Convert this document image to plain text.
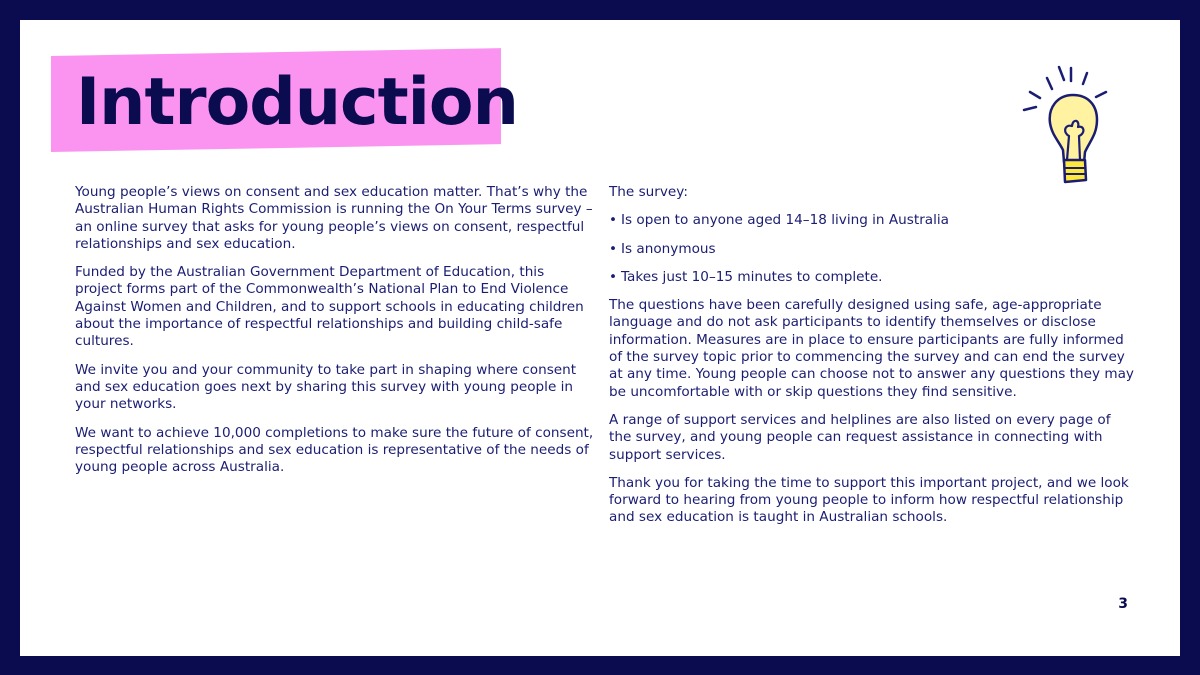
Introduction

Young people’s views on consent and sex education matter. That’s why the Australian Human Rights Commission is running the On Your Terms survey – an online survey that asks for young people’s views on consent, respectful relationships and sex education.

Funded by the Australian Government Department of Education, this project forms part of the Commonwealth’s National Plan to End Violence Against Women and Children, and to support schools in educating children about the importance of respectful relationships and building child-safe cultures.

We invite you and your community to take part in shaping where consent and sex education goes next by sharing this survey with young people in your networks.

We want to achieve 10,000 completions to make sure the future of consent, respectful relationships and sex education is representative of the needs of young people across Australia.

The survey:

• Is open to anyone aged 14–18 living in Australia
• Is anonymous
• Takes just 10–15 minutes to complete.

The questions have been carefully designed using safe, age-appropriate language and do not ask participants to identify themselves or disclose information. Measures are in place to ensure participants are fully informed of the survey topic prior to commencing the survey and can end the survey at any time. Young people can choose not to answer any questions they may be uncomfortable with or skip questions they find sensitive.

A range of support services and helplines are also listed on every page of the survey, and young people can request assistance in connecting with support services.

Thank you for taking the time to support this important project, and we look forward to hearing from young people to inform how respectful relationship and sex education is taught in Australian schools.

3
